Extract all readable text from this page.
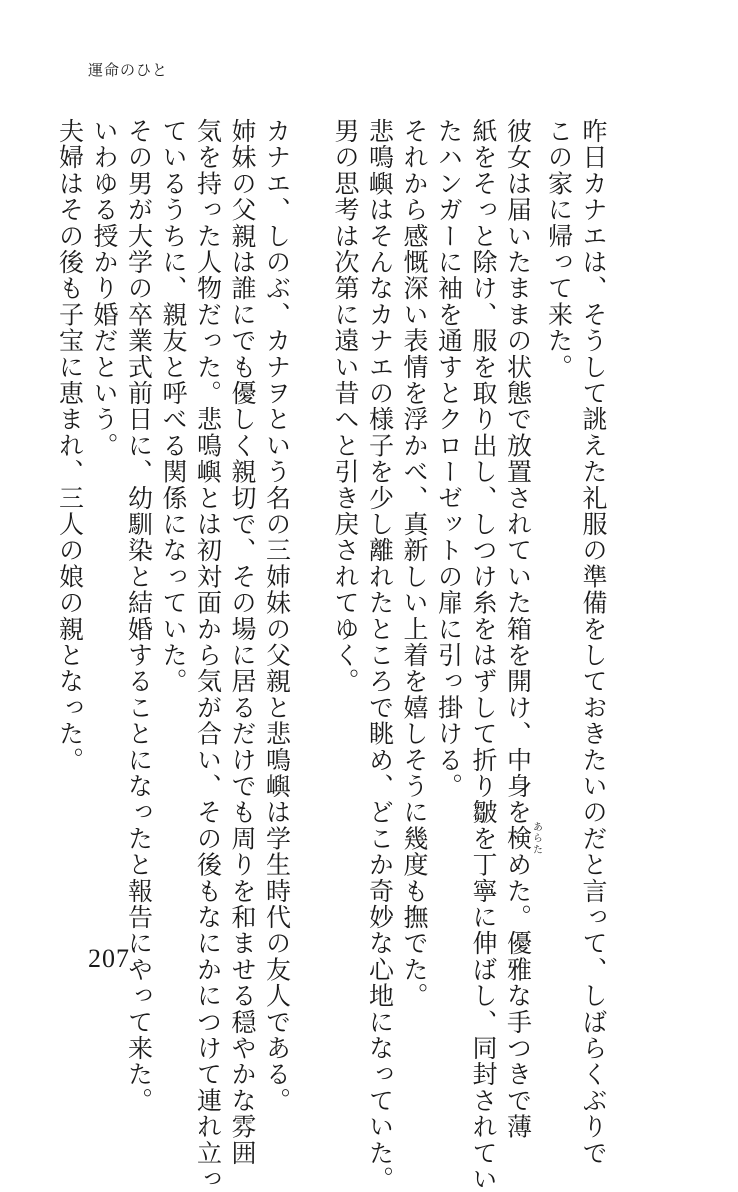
運命のひと
昨日カナエは、そうして誂えた礼服の準備をしておきたいのだと言って、しばらくぶりで
この家に帰って来た。
彼女は届いたままの状態で放置されていた箱を開け、中身を検あらためた。優雅な手つきで薄
紙をそっと除け、服を取り出し、しつけ糸をはずして折り皺を丁寧に伸ばし、同封されてい
たハンガーに袖を通すとクローゼットの扉に引っ掛ける。
それから感慨深い表情を浮かべ、真新しい上着を嬉しそうに幾度も撫でた。
悲鳴嶼はそんなカナエの様子を少し離れたところで眺め、どこか奇妙な心地になっていた。
男の思考は次第に遠い昔へと引き戻されてゆく。
カナエ、しのぶ、カナヲという名の三姉妹の父親と悲鳴嶼は学生時代の友人である。
姉妹の父親は誰にでも優しく親切で、その場に居るだけでも周りを和ませる穏やかな雰囲
気を持った人物だった。悲鳴嶼とは初対面から気が合い、その後もなにかにつけて連れ立っ
ているうちに、親友と呼べる関係になっていた。
その男が大学の卒業式前日に、幼馴染と結婚することになったと報告にやって来た。
いわゆる授かり婚だという。
夫婦はその後も子宝に恵まれ、三人の娘の親となった。
207
